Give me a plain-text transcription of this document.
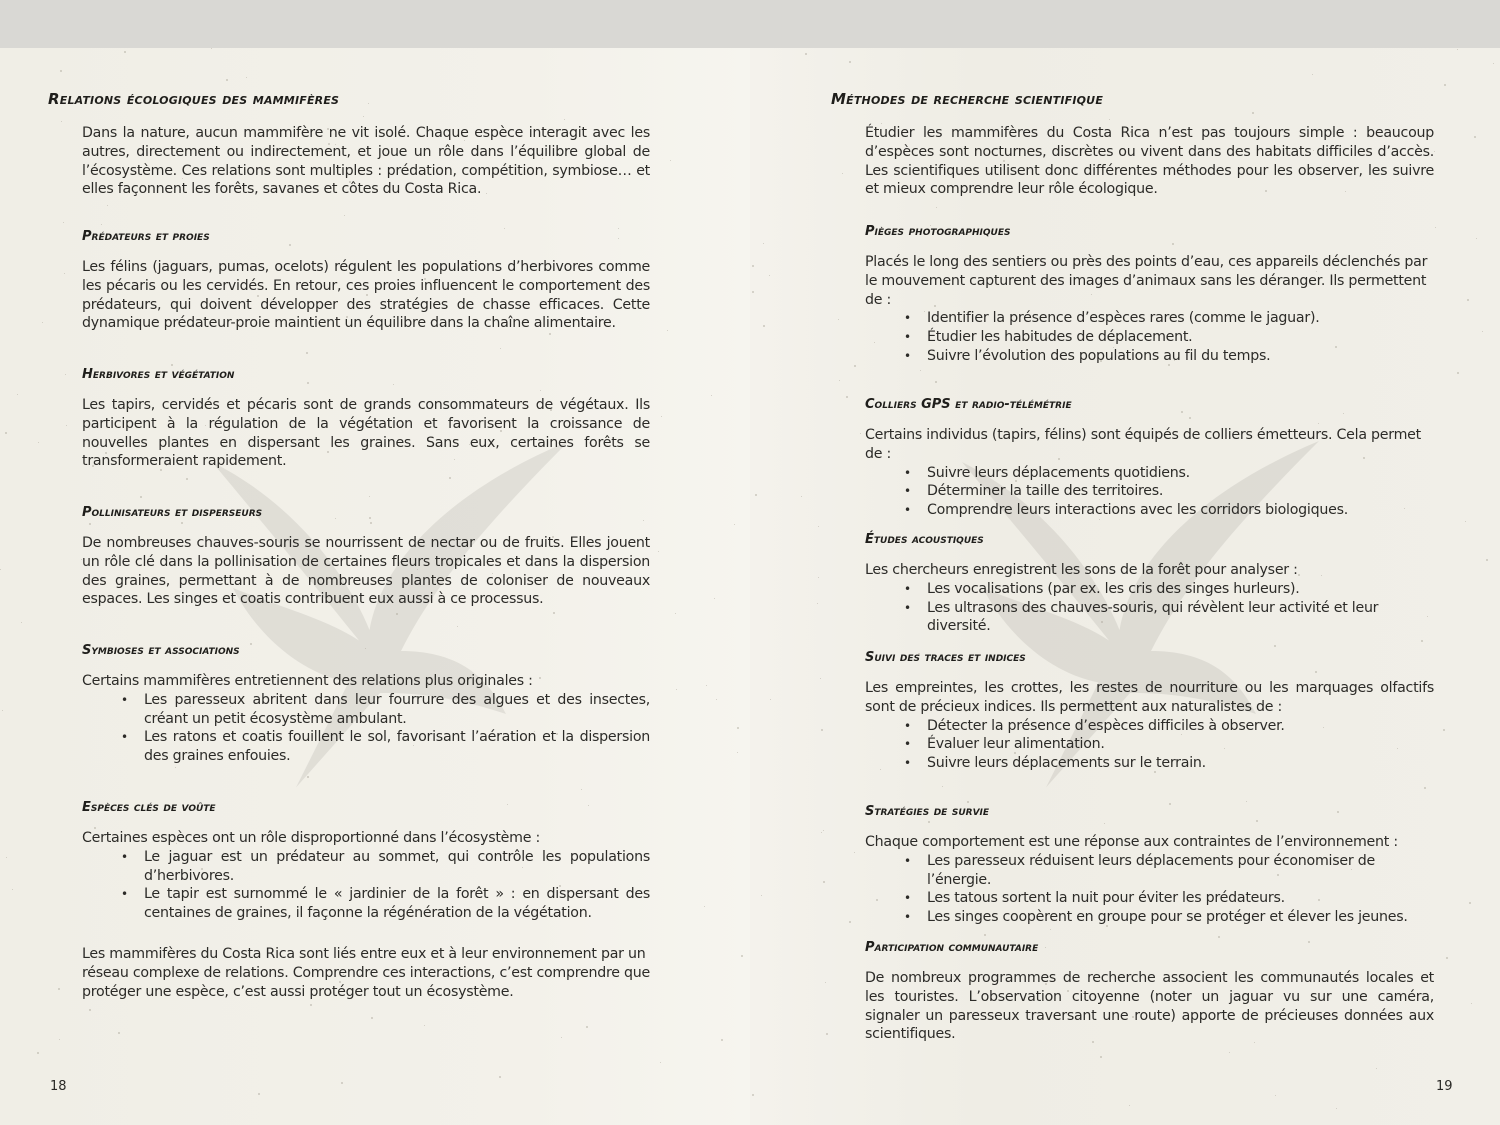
Relations écologiques des mammifères

Dans la nature, aucun mammifère ne vit isolé. Chaque espèce interagit avec les autres, directement ou indirectement, et joue un rôle dans l’équilibre global de l’écosystème. Ces relations sont multiples : prédation, compétition, symbiose… et elles façonnent les forêts, savanes et côtes du Costa Rica.

Prédateurs et proies

Les félins (jaguars, pumas, ocelots) régulent les populations d’herbivores comme les pécaris ou les cervidés. En retour, ces proies influencent le comportement des prédateurs, qui doivent développer des stratégies de chasse efficaces. Cette dynamique prédateur-proie maintient un équilibre dans la chaîne alimentaire.

Herbivores et végétation

Les tapirs, cervidés et pécaris sont de grands consommateurs de végétaux. Ils participent à la régulation de la végétation et favorisent la croissance de nouvelles plantes en dispersant les graines. Sans eux, certaines forêts se transformeraient rapidement.

Pollinisateurs et disperseurs

De nombreuses chauves-souris se nourrissent de nectar ou de fruits. Elles jouent un rôle clé dans la pollinisation de certaines fleurs tropicales et dans la dispersion des graines, permettant à de nombreuses plantes de coloniser de nouveaux espaces. Les singes et coatis contribuent eux aussi à ce processus.

Symbioses et associations

Certains mammifères entretiennent des relations plus originales :

• Les paresseux abritent dans leur fourrure des algues et des insectes, créant un petit écosystème ambulant.
• Les ratons et coatis fouillent le sol, favorisant l’aération et la dispersion des graines enfouies.
Espèces clés de voûte

Certaines espèces ont un rôle disproportionné dans l’écosystème :

• Le jaguar est un prédateur au sommet, qui contrôle les populations d’herbivores.
• Le tapir est surnommé le « jardinier de la forêt » : en dispersant des centaines de graines, il façonne la régénération de la végétation.

Les mammifères du Costa Rica sont liés entre eux et à leur environnement par un réseau complexe de relations. Comprendre ces interactions, c’est comprendre que protéger une espèce, c’est aussi protéger tout un écosystème.

18
Méthodes de recherche scientifique

Étudier les mammifères du Costa Rica n’est pas toujours simple : beaucoup d’espèces sont nocturnes, discrètes ou vivent dans des habitats difficiles d’accès. Les scientifiques utilisent donc différentes méthodes pour les observer, les suivre et mieux comprendre leur rôle écologique.

Pièges photographiques

Placés le long des sentiers ou près des points d’eau, ces appareils déclenchés par le mouvement capturent des images d’animaux sans les déranger. Ils permettent de :

• Identifier la présence d’espèces rares (comme le jaguar).
• Étudier les habitudes de déplacement.
• Suivre l’évolution des populations au fil du temps.
Colliers GPS et radio-télémétrie

Certains individus (tapirs, félins) sont équipés de colliers émetteurs. Cela permet de :

• Suivre leurs déplacements quotidiens.
• Déterminer la taille des territoires.
• Comprendre leurs interactions avec les corridors biologiques.
Études acoustiques

Les chercheurs enregistrent les sons de la forêt pour analyser :

• Les vocalisations (par ex. les cris des singes hurleurs).
• Les ultrasons des chauves-souris, qui révèlent leur activité et leur diversité.
Suivi des traces et indices

Les empreintes, les crottes, les restes de nourriture ou les marquages olfactifs sont de précieux indices. Ils permettent aux naturalistes de :

• Détecter la présence d’espèces difficiles à observer.
• Évaluer leur alimentation.
• Suivre leurs déplacements sur le terrain.
Stratégies de survie

Chaque comportement est une réponse aux contraintes de l’environnement :

• Les paresseux réduisent leurs déplacements pour économiser de l’énergie.
• Les tatous sortent la nuit pour éviter les prédateurs.
• Les singes coopèrent en groupe pour se protéger et élever les jeunes.
Participation communautaire

De nombreux programmes de recherche associent les communautés locales et les touristes. L’observation citoyenne (noter un jaguar vu sur une caméra, signaler un paresseux traversant une route) apporte de précieuses données aux scientifiques.

19
